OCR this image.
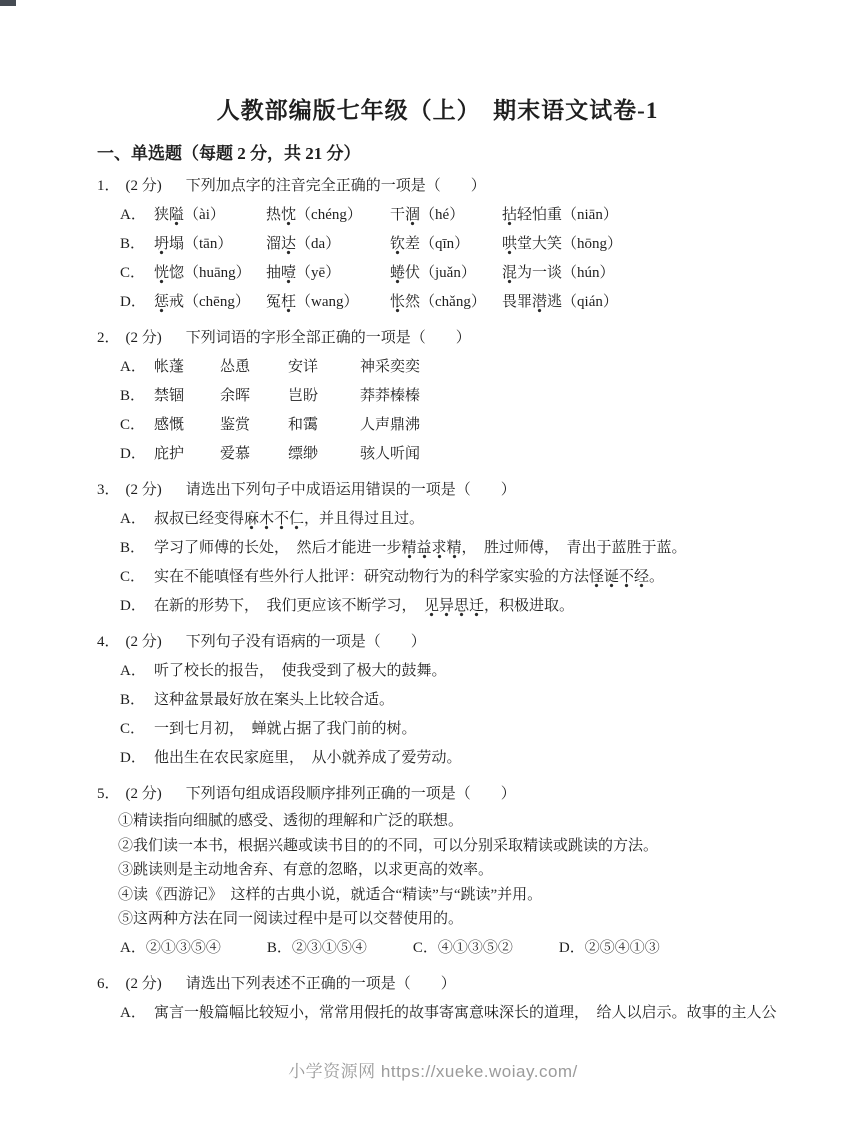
人教部编版七年级（上）　期末语文试卷-1
一、单选题（每题 2 分，共 21 分）
1． (2 分) 下列加点字的注音完全正确的一项是（　　）
A． 狭隘（ài）	热忱（chéng）	干涸（hé）	拈轻怕重（niān）
B． 坍塌（tān）	溜达（da）	钦差（qīn）	哄堂大笑（hōng）
C． 恍惚（huāng）	抽噎（yē）	蜷伏（juǎn）	混为一谈（hún）
D． 惩戒（chēng）	冤枉（wang）	怅然（chǎng）	畏罪潜逃（qián）
2． (2 分) 下列词语的字形全部正确的一项是（　　）
A． 帐蓬	怂恿	安详	神采奕奕
B． 禁锢	余晖	岂盼	莽莽榛榛
C． 感慨	鉴赏	和霭	人声鼎沸
D． 庇护	爱慕	缥缈	骇人听闻
3． (2 分) 请选出下列句子中成语运用错误的一项是（　　）
A． 叔叔已经变得麻木不仁，并且得过且过。
B． 学习了师傅的长处，　然后才能进一步精益求精，　胜过师傅，　青出于蓝胜于蓝。
C． 实在不能嗔怪有些外行人批评：研究动物行为的科学家实验的方法怪诞不经。
D． 在新的形势下，　我们更应该不断学习，　见异思迁，积极进取。
4． (2 分) 下列句子没有语病的一项是（　　）
A． 听了校长的报告，　使我受到了极大的鼓舞。
B． 这种盆景最好放在案头上比较合适。
C． 一到七月初，　蝉就占据了我门前的树。
D． 他出生在农民家庭里，　从小就养成了爱劳动。
5． (2 分) 下列语句组成语段顺序排列正确的一项是（　　）
①精读指向细腻的感受、透彻的理解和广泛的联想。
②我们读一本书，根据兴趣或读书目的的不同，可以分别采取精读或跳读的方法。
③跳读则是主动地舍弃、有意的忽略，以求更高的效率。
④读《西游记》　这样的古典小说，就适合“精读”与“跳读”并用。
⑤这两种方法在同一阅读过程中是可以交替使用的。
A．②①③⑤④	B．②③①⑤④	C．④①③⑤②	D．②⑤④①③
6． (2 分) 请选出下列表述不正确的一项是（　　）
A． 寓言一般篇幅比较短小，常常用假托的故事寄寓意味深长的道理，　给人以启示。故事的主人公
小学资源网 https://xueke.woiay.com/
